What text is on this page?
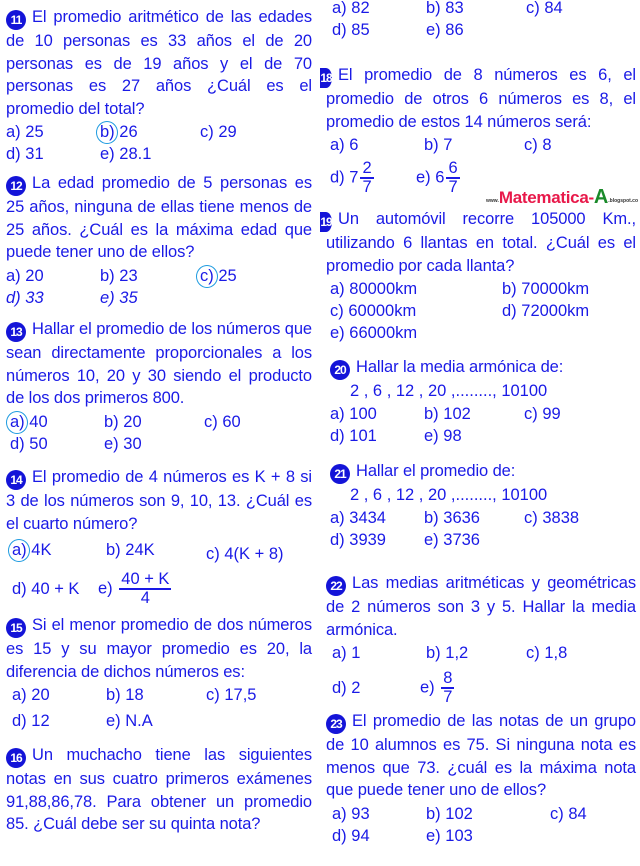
11 El promedio aritmético de las edades de 10 personas es 33 años el de 20 personas es de 19 años y el de 70 personas es 27 años ¿Cuál es el promedio del total?

a) 25	b) 26	c) 29
d) 31	e) 28.1

12 La edad promedio de 5 personas es 25 años, ninguna de ellas tiene menos de 25 años. ¿Cuál es la máxima edad que puede tener uno de ellos?

a) 20	b) 23	c) 25
d) 33	e) 35

13 Hallar el promedio de los números que sean directamente proporcionales a los números 10, 20 y 30 siendo el producto de los dos primeros 800.

a) 40	b) 20	c) 60
d) 50	e) 30

14 El promedio de 4 números es K + 8 si 3 de los números son 9, 10, 13. ¿Cuál es el cuarto número?

a) 4K	b) 24K	c) 4(K + 8)
d) 40 + K	$e) \frac{40 + K}{4}$

15 Si el menor promedio de dos números es 15 y su mayor promedio es 20, la diferencia de dichos números es:

a) 20	b) 18	c) 17,5
d) 12	e) N.A

16 Un muchacho tiene las siguientes notas en sus cuatro primeros exámenes 91,88,86,78. Para obtener un promedio 85. ¿Cuál debe ser su quinta nota?

a) 82	b) 83	c) 84
d) 85	e) 86

18 El promedio de 8 números es 6, el promedio de otros 6 números es 8, el promedio de estos 14 números será:

a) 6	b) 7	c) 8
d) $7 \frac{2}{7}$	e) $6 \frac{6}{7}$

19 Un automóvil recorre 105000 Km., utilizando 6 llantas en total. ¿Cuál es el promedio por cada llanta?

a) 80000km	b) 70000km
c) 60000km	d) 72000km
e) 66000km

20 Hallar la media armónica de:

2 , 6 , 12 , 20 ,........, 10100
a) 100	b) 102	c) 99
d) 101	e) 98

21 Hallar el promedio de:

2 , 6 , 12 , 20 ,........, 10100
a) 3434	b) 3636	c) 3838
d) 3939	e) 3736

22 Las medias aritméticas y geométricas de 2 números son 3 y 5. Hallar la media armónica.

a) 1	b) 1,2	c) 1,8
d) 2	$e) \frac{8}{7}$

23 El promedio de las notas de un grupo de 10 alumnos es 75. Si ninguna nota es menos que 73. ¿cuál es la máxima nota que puede tener uno de ellos?

a) 93	b) 102	c) 84
d) 94	e) 103
www.Matematica-A.blogspot.co
